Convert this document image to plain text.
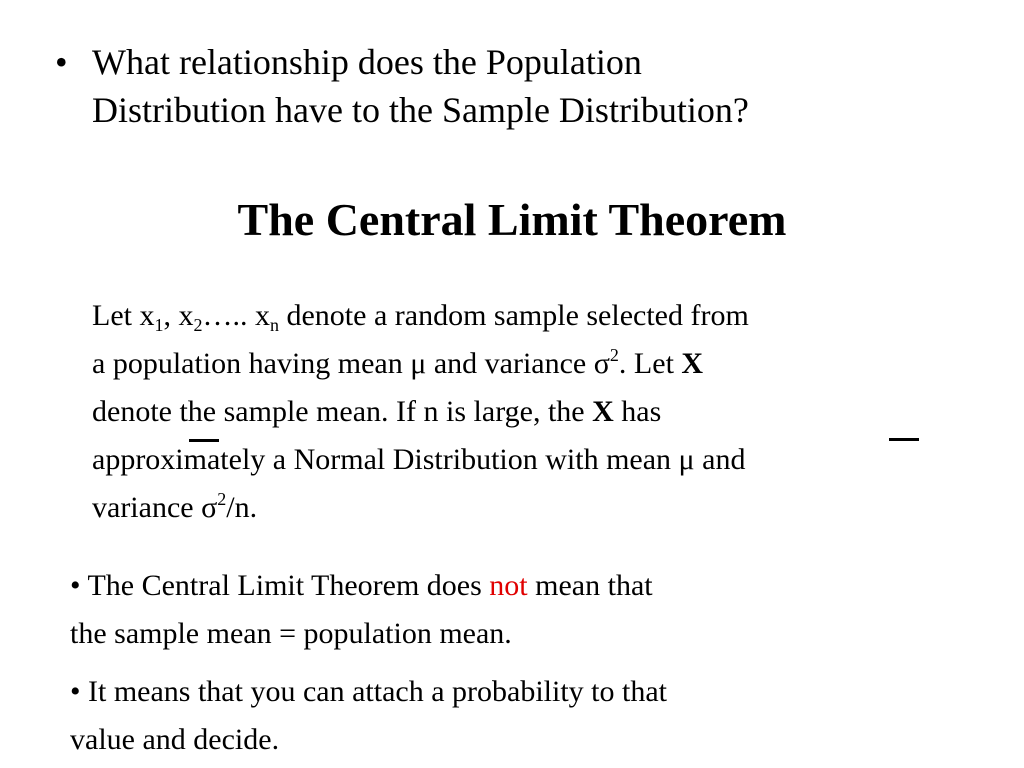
• What relationship does the Population
Distribution have to the Sample Distribution?
The Central Limit Theorem
Let $x_1$, $x_2\dots$.. $x_n$ denote a random sample selected from
a population having mean μ and variance $\sigma^2$. Let X
denote the sample mean. If n is large, the X has
approximately a Normal Distribution with mean μ and
variance $\sigma^2/n$.
• The Central Limit Theorem does not mean that
the sample mean = population mean.
• It means that you can attach a probability to that
value and decide.
